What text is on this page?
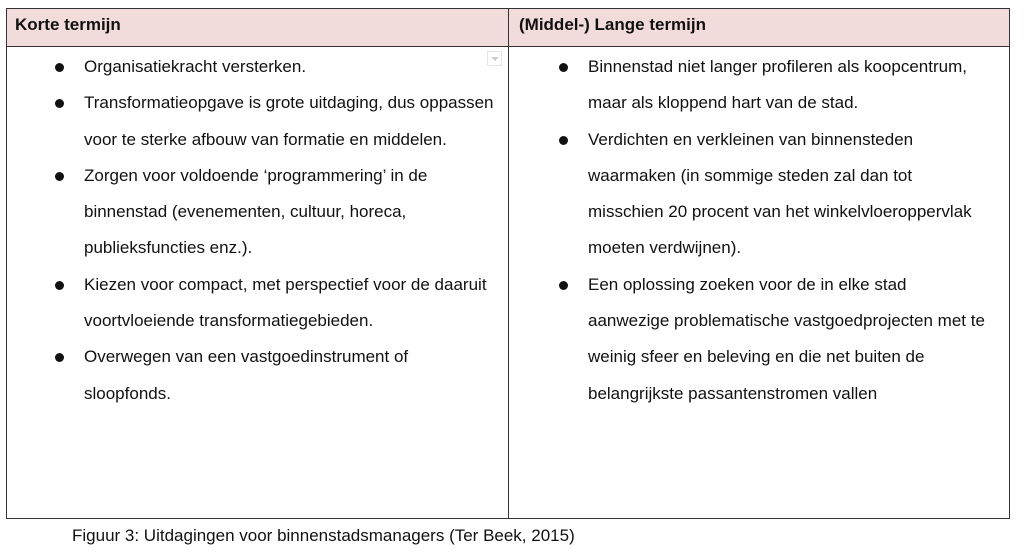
Korte termijn	(Middel-) Lange termijn
Organisatiekracht versterken.
Transformatieopgave is grote uitdaging, dus oppassen voor te sterke afbouw van formatie en middelen.
Zorgen voor voldoende ‘programmering’ in de binnenstad (evenementen, cultuur, horeca, publieksfuncties enz.).
Kiezen voor compact, met perspectief voor de daaruit voortvloeiende transformatiegebieden.
Overwegen van een vastgoedinstrument of sloopfonds.
Binnenstad niet langer profileren als koopcentrum, maar als kloppend hart van de stad.
Verdichten en verkleinen van binnensteden waarmaken (in sommige steden zal dan tot misschien 20 procent van het winkelvloeroppervlak moeten verdwijnen).
Een oplossing zoeken voor de in elke stad aanwezige problematische vastgoedprojecten met te weinig sfeer en beleving en die net buiten de belangrijkste passantenstromen vallen
Figuur 3: Uitdagingen voor binnenstadsmanagers (Ter Beek, 2015)
